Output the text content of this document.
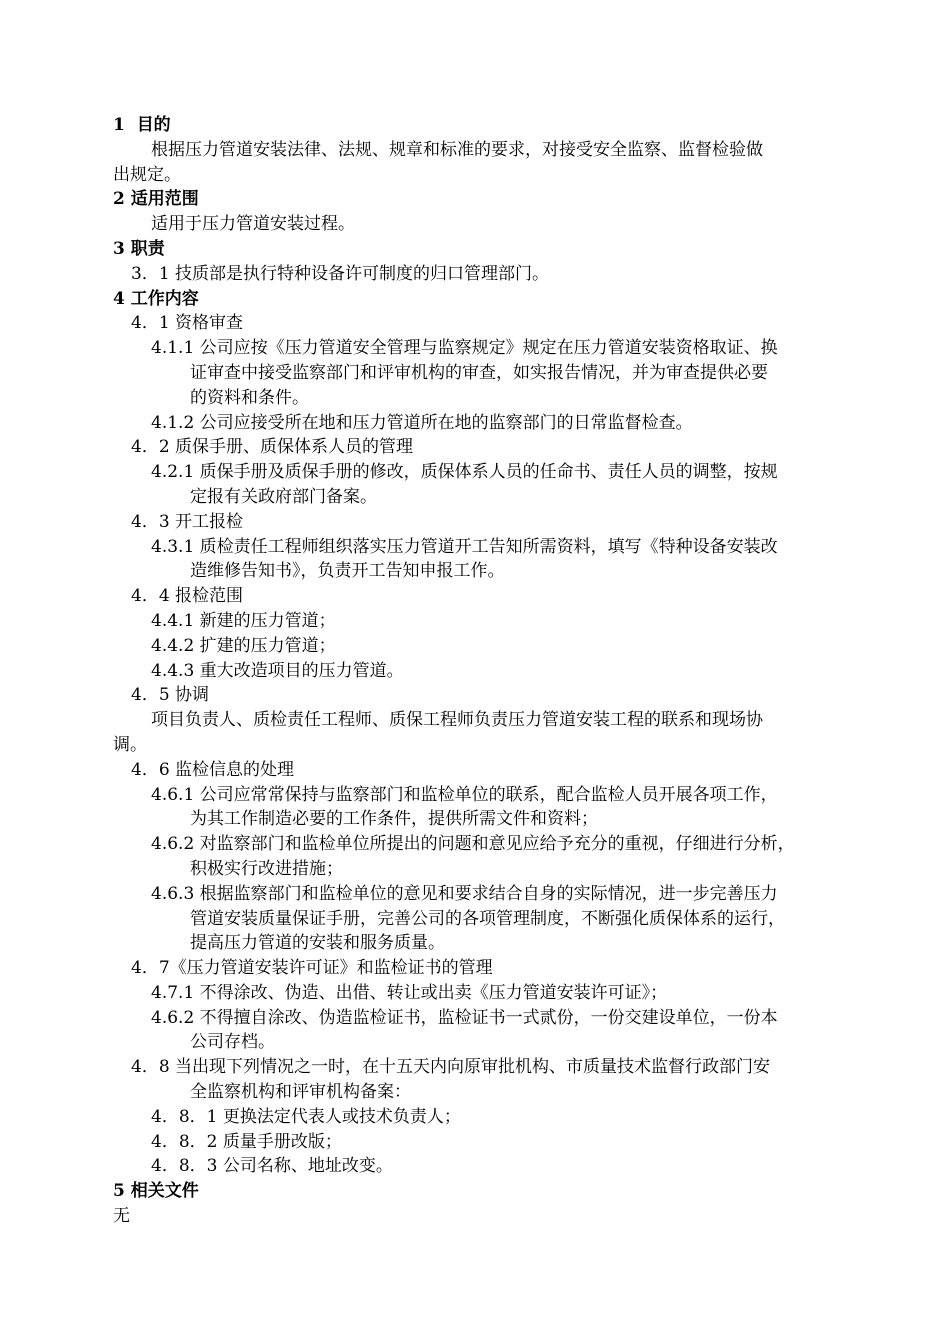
1 目的
根据压力管道安装法律、法规、规章和标准的要求，对接受安全监察、监督检验做
出规定。
2 适用范围
适用于压力管道安装过程。
3 职责
3．1 技质部是执行特种设备许可制度的归口管理部门。
4 工作内容
4．1 资格审查
4.1.1 公司应按《压力管道安全管理与监察规定》规定在压力管道安装资格取证、换
证审查中接受监察部门和评审机构的审查，如实报告情况，并为审查提供必要
的资料和条件。
4.1.2 公司应接受所在地和压力管道所在地的监察部门的日常监督检查。
4．2 质保手册、质保体系人员的管理
4.2.1 质保手册及质保手册的修改，质保体系人员的任命书、责任人员的调整，按规
定报有关政府部门备案。
4．3 开工报检
4.3.1 质检责任工程师组织落实压力管道开工告知所需资料，填写《特种设备安装改
造维修告知书》，负责开工告知申报工作。
4．4 报检范围
4.4.1 新建的压力管道；
4.4.2 扩建的压力管道；
4.4.3 重大改造项目的压力管道。
4．5 协调
项目负责人、质检责任工程师、质保工程师负责压力管道安装工程的联系和现场协
调。
4．6 监检信息的处理
4.6.1 公司应常常保持与监察部门和监检单位的联系，配合监检人员开展各项工作，
为其工作制造必要的工作条件，提供所需文件和资料；
4.6.2 对监察部门和监检单位所提出的问题和意见应给予充分的重视，仔细进行分析，
积极实行改进措施；
4.6.3 根据监察部门和监检单位的意见和要求结合自身的实际情况，进一步完善压力
管道安装质量保证手册，完善公司的各项管理制度，不断强化质保体系的运行，
提高压力管道的安装和服务质量。
4．7《压力管道安装许可证》和监检证书的管理
4.7.1 不得涂改、伪造、出借、转让或出卖《压力管道安装许可证》；
4.6.2 不得擅自涂改、伪造监检证书，监检证书一式贰份，一份交建设单位，一份本
公司存档。
4．8 当出现下列情况之一时，在十五天内向原审批机构、市质量技术监督行政部门安
全监察机构和评审机构备案：
4．8．1 更换法定代表人或技术负责人；
4．8．2 质量手册改版；
4．8．3 公司名称、地址改变。
5 相关文件
无
